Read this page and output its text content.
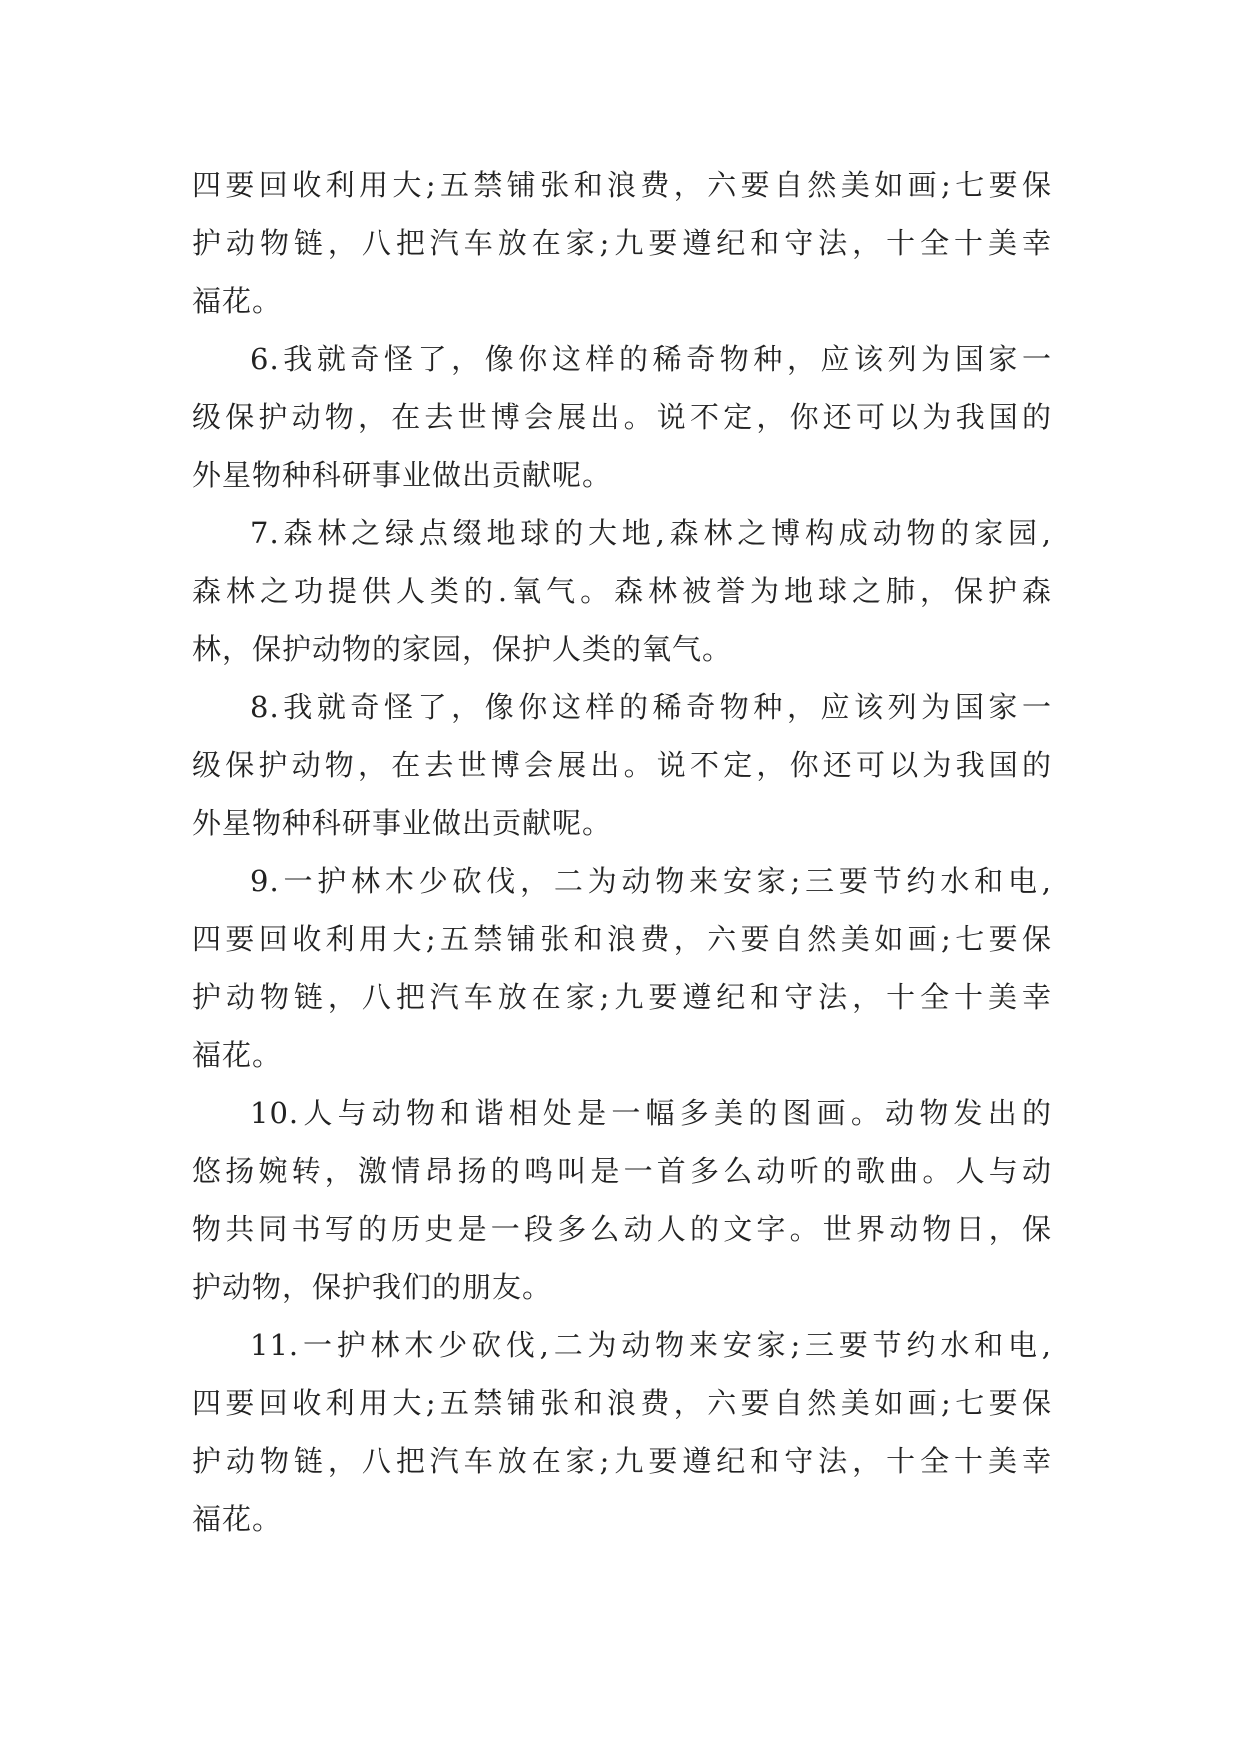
四要回收利用大;五禁铺张和浪费，六要自然美如画;七要保
护动物链，八把汽车放在家;九要遵纪和守法，十全十美幸
福花。

6.我就奇怪了，像你这样的稀奇物种，应该列为国家一
级保护动物，在去世博会展出。说不定，你还可以为我国的
外星物种科研事业做出贡献呢。

7.森林之绿点缀地球的大地,森林之博构成动物的家园,
森林之功提供人类的.氧气。森林被誉为地球之肺，保护森
林，保护动物的家园，保护人类的氧气。

8.我就奇怪了，像你这样的稀奇物种，应该列为国家一
级保护动物，在去世博会展出。说不定，你还可以为我国的
外星物种科研事业做出贡献呢。

9.一护林木少砍伐，二为动物来安家;三要节约水和电,
四要回收利用大;五禁铺张和浪费，六要自然美如画;七要保
护动物链，八把汽车放在家;九要遵纪和守法，十全十美幸
福花。

10.人与动物和谐相处是一幅多美的图画。动物发出的
悠扬婉转，激情昂扬的鸣叫是一首多么动听的歌曲。人与动
物共同书写的历史是一段多么动人的文字。世界动物日，保
护动物，保护我们的朋友。

11.一护林木少砍伐,二为动物来安家;三要节约水和电,
四要回收利用大;五禁铺张和浪费，六要自然美如画;七要保
护动物链，八把汽车放在家;九要遵纪和守法，十全十美幸
福花。
